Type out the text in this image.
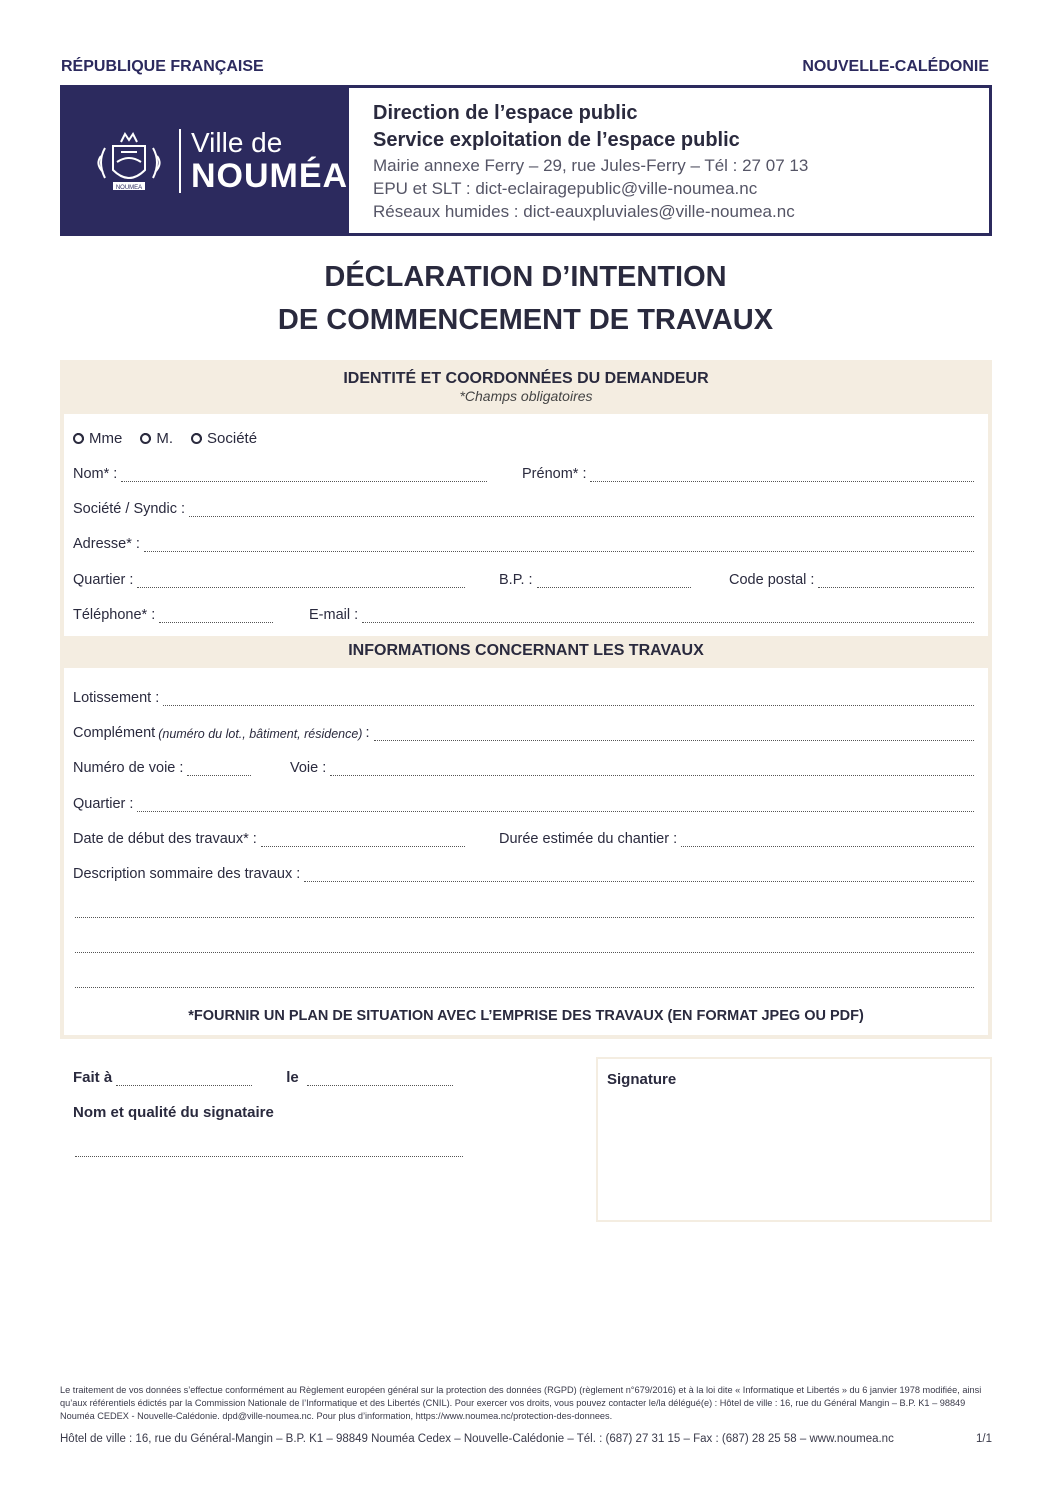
RÉPUBLIQUE FRANÇAISE	NOUVELLE-CALÉDONIE
NOUMEA
Ville de
NOUMÉA
Direction de l’espace public
Service exploitation de l’espace public
Mairie annexe Ferry – 29, rue Jules-Ferry – Tél : 27 07 13
EPU et SLT : dict-eclairagepublic@ville-noumea.nc
Réseaux humides : dict-eauxpluviales@ville-noumea.nc
DÉCLARATION D’INTENTION
DE COMMENCEMENT DE TRAVAUX
IDENTITÉ ET COORDONNÉES DU DEMANDEUR
*Champs obligatoires
Mme M. Société
Nom* :	Prénom* :
Société / Syndic :
Adresse* :
Quartier :	B.P. :	Code postal :
Téléphone* :	E-mail :
INFORMATIONS CONCERNANT LES TRAVAUX
Lotissement :
Complément (numéro du lot., bâtiment, résidence) :
Numéro de voie :	Voie :
Quartier :
Date de début des travaux* :	Durée estimée du chantier :
Description sommaire des travaux :
*FOURNIR UN PLAN DE SITUATION AVEC L’EMPRISE DES TRAVAUX (EN FORMAT JPEG OU PDF)
Fait à	le
Nom et qualité du signataire
Signature
Le traitement de vos données s’effectue conformément au Règlement européen général sur la protection des données (RGPD) (règlement n°679/2016) et à la loi dite « Informatique et Libertés » du 6 janvier 1978 modifiée, ainsi qu’aux référentiels édictés par la Commission Nationale de l’Informatique et des Libertés (CNIL). Pour exercer vos droits, vous pouvez contacter le/la délégué(e) : Hôtel de ville : 16, rue du Général Mangin – B.P. K1 – 98849 Nouméa CEDEX - Nouvelle-Calédonie. dpd@ville-noumea.nc. Pour plus d’information, https://www.noumea.nc/protection-des-donnees.
Hôtel de ville : 16, rue du Général-Mangin – B.P. K1 – 98849 Nouméa Cedex – Nouvelle-Calédonie – Tél. : (687) 27 31 15 – Fax : (687) 28 25 58 – www.noumea.nc	1/1
